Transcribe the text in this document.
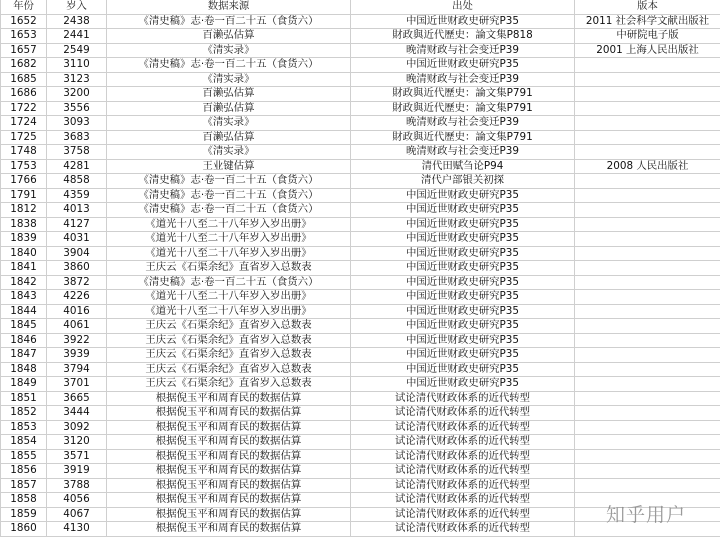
年份	岁入	数据来源	出处	版本
1652	2438	《清史稿》志·卷一百二十五（食货六）	中国近世财政史研究P35	2011 社会科学文献出版社
1653	2441	百濑弘估算	財政與近代歷史：論文集P818	中研院电子版
1657	2549	《清实录》	晚清财政与社会变迁P39	2001 上海人民出版社
1682	3110	《清史稿》志·卷一百二十五（食货六）	中国近世财政史研究P35	
1685	3123	《清实录》	晚清财政与社会变迁P39	
1686	3200	百濑弘估算	財政與近代歷史：論文集P791	
1722	3556	百濑弘估算	財政與近代歷史：論文集P791	
1724	3093	《清实录》	晚清财政与社会变迁P39	
1725	3683	百濑弘估算	財政與近代歷史：論文集P791	
1748	3758	《清实录》	晚清财政与社会变迁P39	
1753	4281	王业键估算	清代田赋刍论P94	2008 人民出版社
1766	4858	《清史稿》志·卷一百二十五（食货六）	清代户部银关初探	
1791	4359	《清史稿》志·卷一百二十五（食货六）	中国近世财政史研究P35	
1812	4013	《清史稿》志·卷一百二十五（食货六）	中国近世财政史研究P35	
1838	4127	《道光十八至二十八年岁入岁出册》	中国近世财政史研究P35	
1839	4031	《道光十八至二十八年岁入岁出册》	中国近世财政史研究P35	
1840	3904	《道光十八至二十八年岁入岁出册》	中国近世财政史研究P35	
1841	3860	王庆云《石渠余纪》直省岁入总数表	中国近世财政史研究P35	
1842	3872	《清史稿》志·卷一百二十五（食货六）	中国近世财政史研究P35	
1843	4226	《道光十八至二十八年岁入岁出册》	中国近世财政史研究P35	
1844	4016	《道光十八至二十八年岁入岁出册》	中国近世财政史研究P35	
1845	4061	王庆云《石渠余纪》直省岁入总数表	中国近世财政史研究P35	
1846	3922	王庆云《石渠余纪》直省岁入总数表	中国近世财政史研究P35	
1847	3939	王庆云《石渠余纪》直省岁入总数表	中国近世财政史研究P35	
1848	3794	王庆云《石渠余纪》直省岁入总数表	中国近世财政史研究P35	
1849	3701	王庆云《石渠余纪》直省岁入总数表	中国近世财政史研究P35	
1851	3665	根据倪玉平和周育民的数据估算	试论清代财政体系的近代转型	
1852	3444	根据倪玉平和周育民的数据估算	试论清代财政体系的近代转型	
1853	3092	根据倪玉平和周育民的数据估算	试论清代财政体系的近代转型	
1854	3120	根据倪玉平和周育民的数据估算	试论清代财政体系的近代转型	
1855	3571	根据倪玉平和周育民的数据估算	试论清代财政体系的近代转型	
1856	3919	根据倪玉平和周育民的数据估算	试论清代财政体系的近代转型	
1857	3788	根据倪玉平和周育民的数据估算	试论清代财政体系的近代转型	
1858	4056	根据倪玉平和周育民的数据估算	试论清代财政体系的近代转型	
1859	4067	根据倪玉平和周育民的数据估算	试论清代财政体系的近代转型	
1860	4130	根据倪玉平和周育民的数据估算	试论清代财政体系的近代转型	
知乎用户
